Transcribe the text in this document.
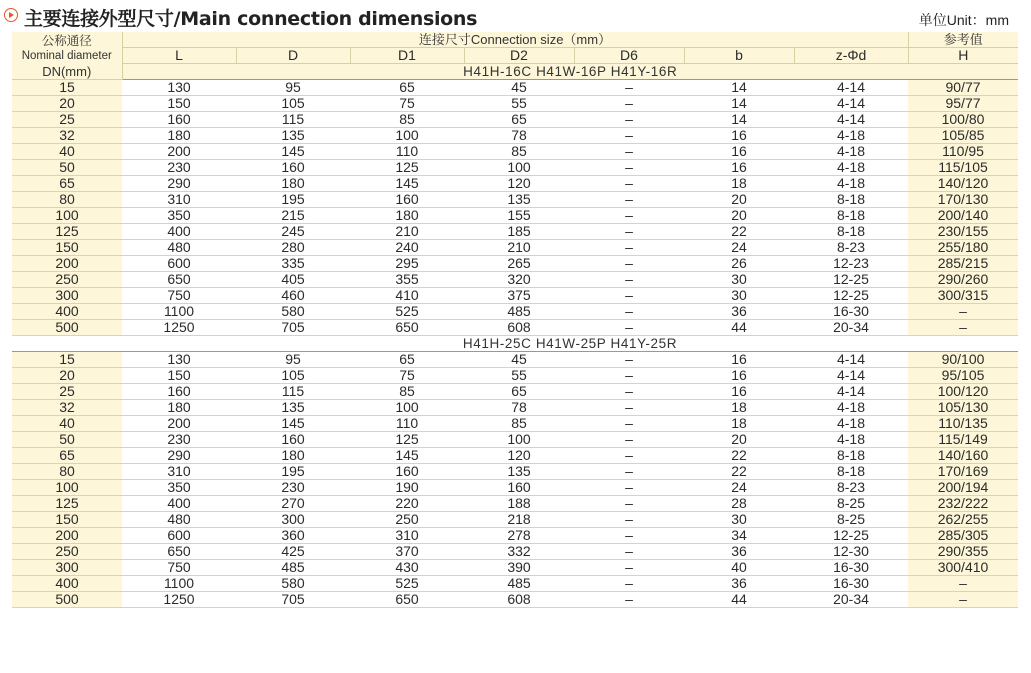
主要连接外型尺寸/Main connection dimensions	单位Unit：mm
公称通径
Nominal diameter
DN(mm)	连接尺寸Connection size（mm）							参考值
	L	D	D1	D2	D6	b	z-Φd	H
	H41H-16C H41W-16P H41Y-16R							
15	130	95	65	45	–	14	4-14	90/77
20	150	105	75	55	–	14	4-14	95/77
25	160	115	85	65	–	14	4-14	100/80
32	180	135	100	78	–	16	4-18	105/85
40	200	145	110	85	–	16	4-18	110/95
50	230	160	125	100	–	16	4-18	115/105
65	290	180	145	120	–	18	4-18	140/120
80	310	195	160	135	–	20	8-18	170/130
100	350	215	180	155	–	20	8-18	200/140
125	400	245	210	185	–	22	8-18	230/155
150	480	280	240	210	–	24	8-23	255/180
200	600	335	295	265	–	26	12-23	285/215
250	650	405	355	320	–	30	12-25	290/260
300	750	460	410	375	–	30	12-25	300/315
400	1100	580	525	485	–	36	16-30	–
500	1250	705	650	608	–	44	20-34	–
	H41H-25C H41W-25P H41Y-25R							
15	130	95	65	45	–	16	4-14	90/100
20	150	105	75	55	–	16	4-14	95/105
25	160	115	85	65	–	16	4-14	100/120
32	180	135	100	78	–	18	4-18	105/130
40	200	145	110	85	–	18	4-18	110/135
50	230	160	125	100	–	20	4-18	115/149
65	290	180	145	120	–	22	8-18	140/160
80	310	195	160	135	–	22	8-18	170/169
100	350	230	190	160	–	24	8-23	200/194
125	400	270	220	188	–	28	8-25	232/222
150	480	300	250	218	–	30	8-25	262/255
200	600	360	310	278	–	34	12-25	285/305
250	650	425	370	332	–	36	12-30	290/355
300	750	485	430	390	–	40	16-30	300/410
400	1100	580	525	485	–	36	16-30	–
500	1250	705	650	608	–	44	20-34	–
